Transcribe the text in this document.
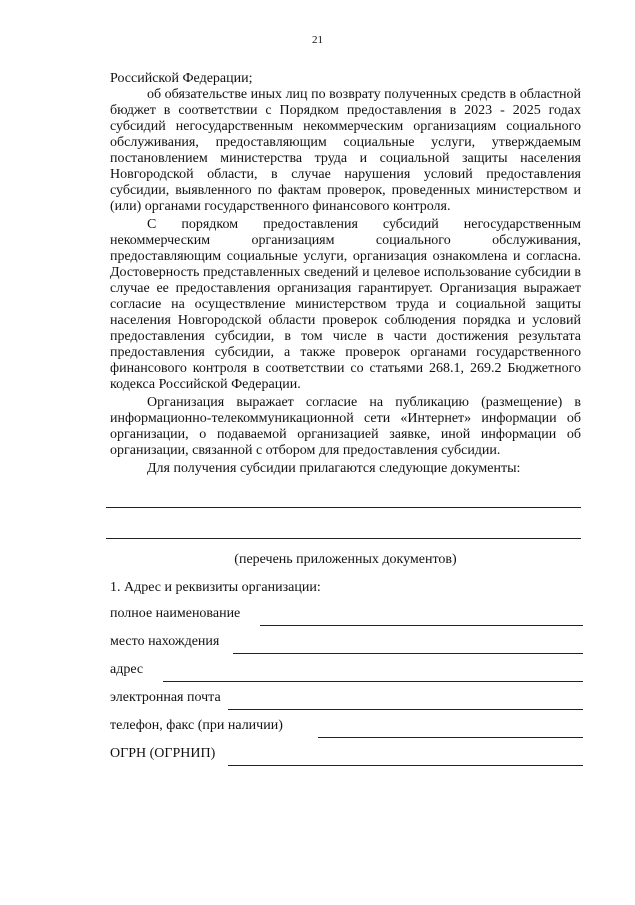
21

Российской Федерации;

об обязательстве иных лиц по возврату полученных средств в областной бюджет в соответствии с Порядком предоставления в 2023 - 2025 годах субсидий негосударственным некоммерческим организациям социального обслуживания, предоставляющим социальные услуги, утверждаемым постановлением министерства труда и социальной защиты населения Новгородской области, в случае нарушения условий предоставления субсидии, выявленного по фактам проверок, проведенных министерством и (или) органами государственного финансового контроля.

С порядком предоставления субсидий негосударственным некоммерческим организациям социального обслуживания, предоставляющим социальные услуги, организация ознакомлена и согласна. Достоверность представленных сведений и целевое использование субсидии в случае ее предоставления организация гарантирует. Организация выражает согласие на осуществление министерством труда и социальной защиты населения Новгородской области проверок соблюдения порядка и условий предоставления субсидии, в том числе в части достижения результата предоставления субсидии, а также проверок органами государственного финансового контроля в соответствии со статьями 268.1, 269.2 Бюджетного кодекса Российской Федерации.

Организация выражает согласие на публикацию (размещение) в информационно-телекоммуникационной сети «Интернет» информации об организации, о подаваемой организацией заявке, иной информации об организации, связанной с отбором для предоставления субсидии.

Для получения субсидии прилагаются следующие документы:

(перечень приложенных документов)
1. Адрес и реквизиты организации:
полное наименование
место нахождения
адрес
электронная почта
телефон, факс (при наличии)
ОГРН (ОГРНИП)
